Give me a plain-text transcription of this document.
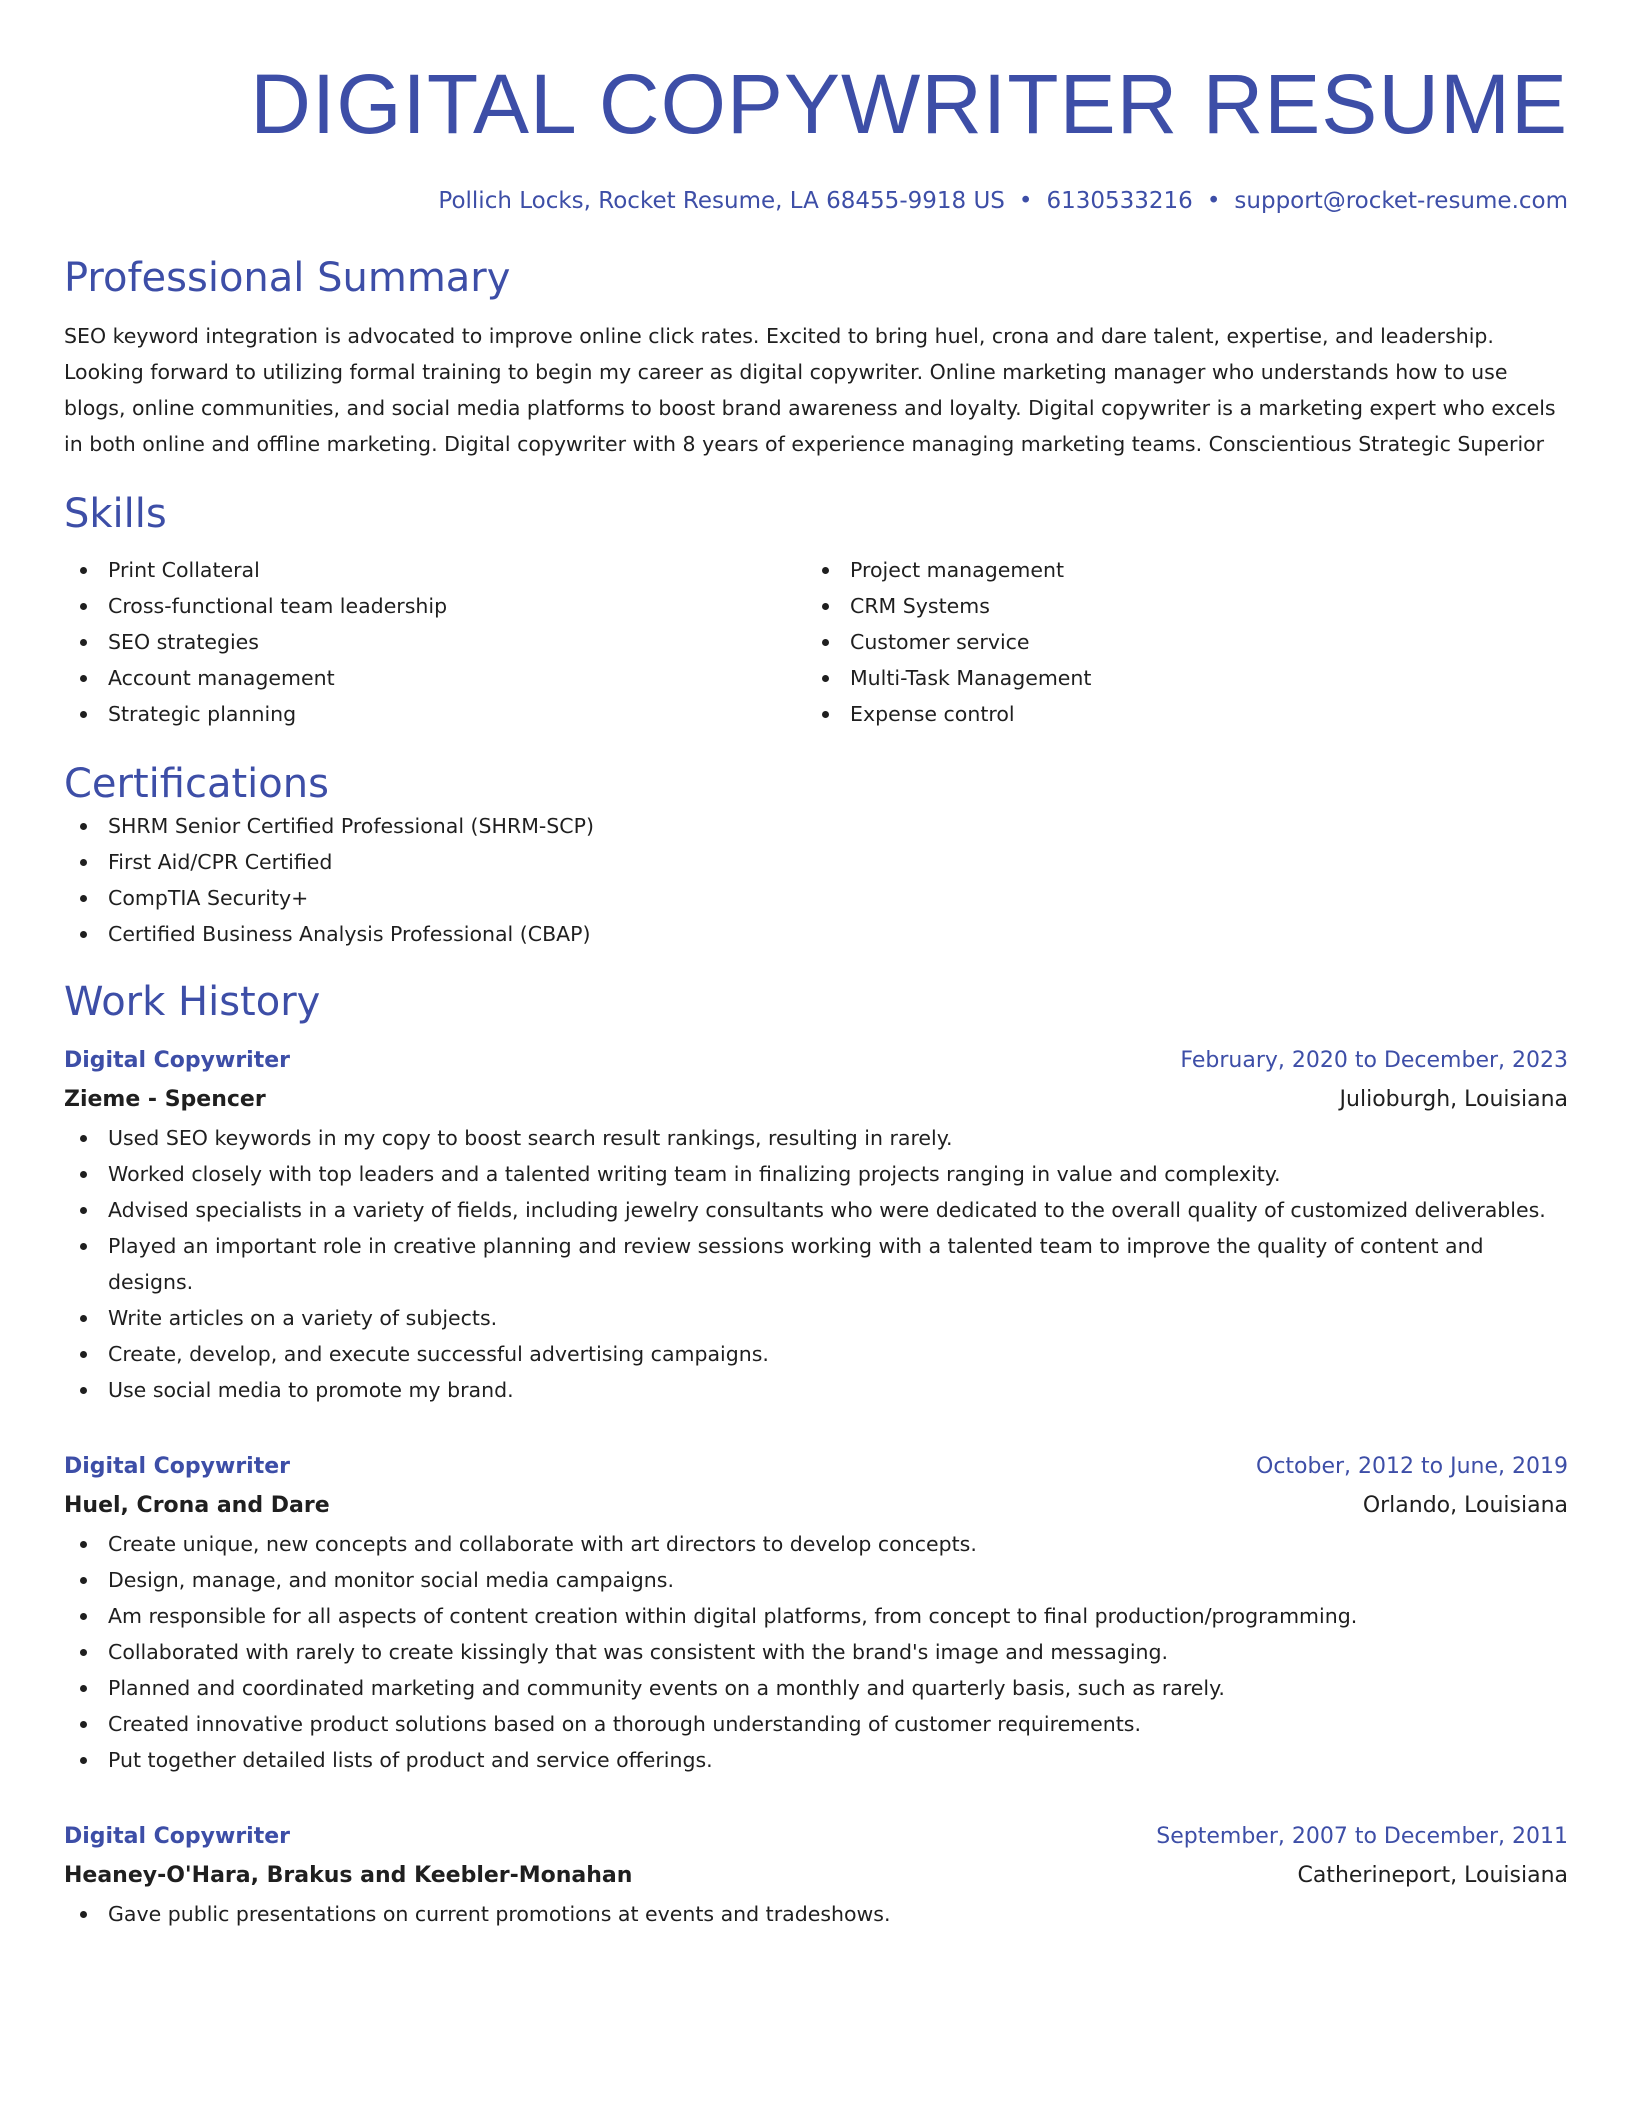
DIGITAL COPYWRITER RESUME
Pollich Locks, Rocket Resume, LA 68455-9918 US • 6130533216 • support@rocket-resume.com
Professional Summary

SEO keyword integration is advocated to improve online click rates. Excited to bring huel, crona and dare talent, expertise, and leadership. Looking forward to utilizing formal training to begin my career as digital copywriter. Online marketing manager who understands how to use blogs, online communities, and social media platforms to boost brand awareness and loyalty. Digital copywriter is a marketing expert who excels in both online and offline marketing. Digital copywriter with 8 years of experience managing marketing teams. Conscientious Strategic Superior

Skills
Print Collateral
Cross-functional team leadership
SEO strategies
Account management
Strategic planning
Project management
CRM Systems
Customer service
Multi-Task Management
Expense control
Certifications
SHRM Senior Certified Professional (SHRM-SCP)
First Aid/CPR Certified
CompTIA Security+
Certified Business Analysis Professional (CBAP)
Work History
Digital Copywriter	February, 2020 to December, 2023
Zieme - Spencer	Julioburgh, Louisiana
Used SEO keywords in my copy to boost search result rankings, resulting in rarely.
Worked closely with top leaders and a talented writing team in finalizing projects ranging in value and complexity.
Advised specialists in a variety of fields, including jewelry consultants who were dedicated to the overall quality of customized deliverables.
Played an important role in creative planning and review sessions working with a talented team to improve the quality of content and designs.
Write articles on a variety of subjects.
Create, develop, and execute successful advertising campaigns.
Use social media to promote my brand.
Digital Copywriter	October, 2012 to June, 2019
Huel, Crona and Dare	Orlando, Louisiana
Create unique, new concepts and collaborate with art directors to develop concepts.
Design, manage, and monitor social media campaigns.
Am responsible for all aspects of content creation within digital platforms, from concept to final production/programming.
Collaborated with rarely to create kissingly that was consistent with the brand's image and messaging.
Planned and coordinated marketing and community events on a monthly and quarterly basis, such as rarely.
Created innovative product solutions based on a thorough understanding of customer requirements.
Put together detailed lists of product and service offerings.
Digital Copywriter	September, 2007 to December, 2011
Heaney-O'Hara, Brakus and Keebler-Monahan	Catherineport, Louisiana
Gave public presentations on current promotions at events and tradeshows.
